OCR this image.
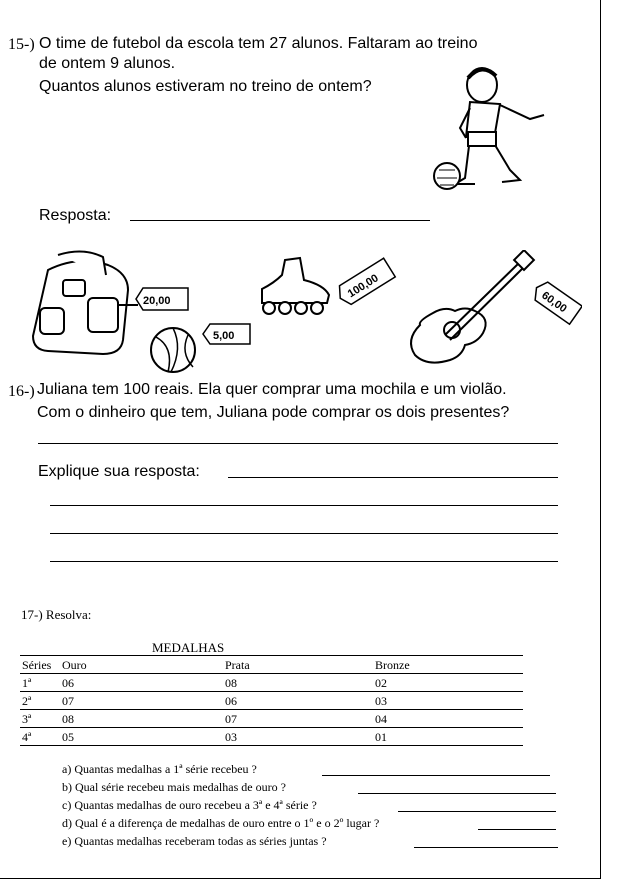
15-) O time de futebol da escola tem 27 alunos. Faltaram ao treino
de ontem 9 alunos.
Quantos alunos estiveram no treino de ontem?
Resposta:
20,00
5,00
100,00
60,00
16-) Juliana tem 100 reais. Ela quer comprar uma mochila e um violão.
Com o dinheiro que tem, Juliana pode comprar os dois presentes?
Explique sua resposta:
17-) Resolva:
MEDALHAS
Séries	Ouro	Prata	Bronze
1ª	06	08	02
2ª	07	06	03
3ª	08	07	04
4ª	05	03	01
a) Quantas medalhas a 1ª série recebeu ?
b) Qual série recebeu mais medalhas de ouro ?
c) Quantas medalhas de ouro recebeu a 3ª e 4ª série ?
d) Qual é a diferença de medalhas de ouro entre o 1º e o 2º lugar ?
e) Quantas medalhas receberam todas as séries juntas ?
